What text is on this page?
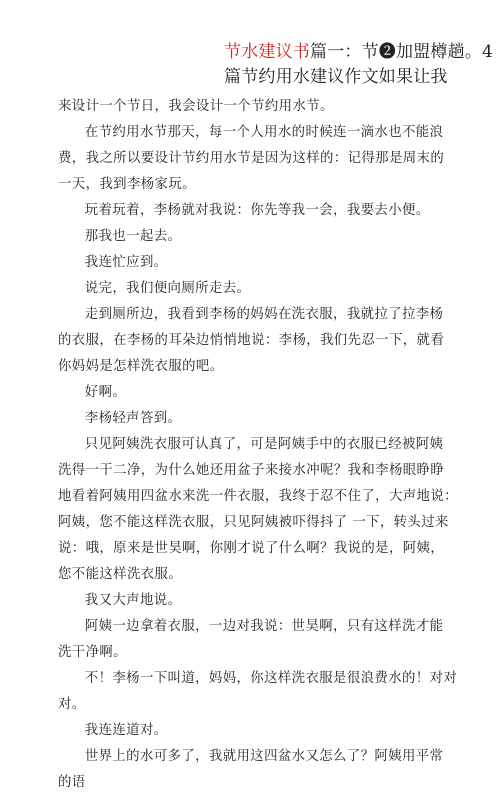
节水建议书篇一：节❷加盟樽趟。4
篇节约用水建议作文如果让我

来设计一个节日，我会设计一个节约用水节。

在节约用水节那天，每一个人用水的时候连一滴水也不能浪 费，我之所以要设计节约用水节是因为这样的：记得那是周末的 一天，我到李杨家玩。

玩着玩着，李杨就对我说：你先等我一会，我要去小便。

那我也一起去。

我连忙应到。

说完，我们便向厕所走去。

走到厕所边，我看到李杨的妈妈在洗衣服，我就拉了拉李杨 的衣服，在李杨的耳朵边悄悄地说：李杨，我们先忍一下，就看 你妈妈是怎样洗衣服的吧。

好啊。

李杨轻声答到。

只见阿姨洗衣服可认真了，可是阿姨手中的衣服已经被阿姨 洗得一干二净，为什么她还用盆子来接水冲呢？我和李杨眼睁睁 地看着阿姨用四盆水来洗一件衣服，我终于忍不住了，大声地说：阿姨，您不能这样洗衣服，只见阿姨被吓得抖了 一下，转头过来 说：哦，原来是世昊啊，你刚才说了什么啊？我说的是，阿姨， 您不能这样洗衣服。

我又大声地说。

阿姨一边拿着衣服，一边对我说：世昊啊，只有这样洗才能 洗干净啊。

不！李杨一下叫道，妈妈，你这样洗衣服是很浪费水的！对对 对。

我连连道对。

世界上的水可多了，我就用这四盆水又怎么了？阿姨用平常 的语
